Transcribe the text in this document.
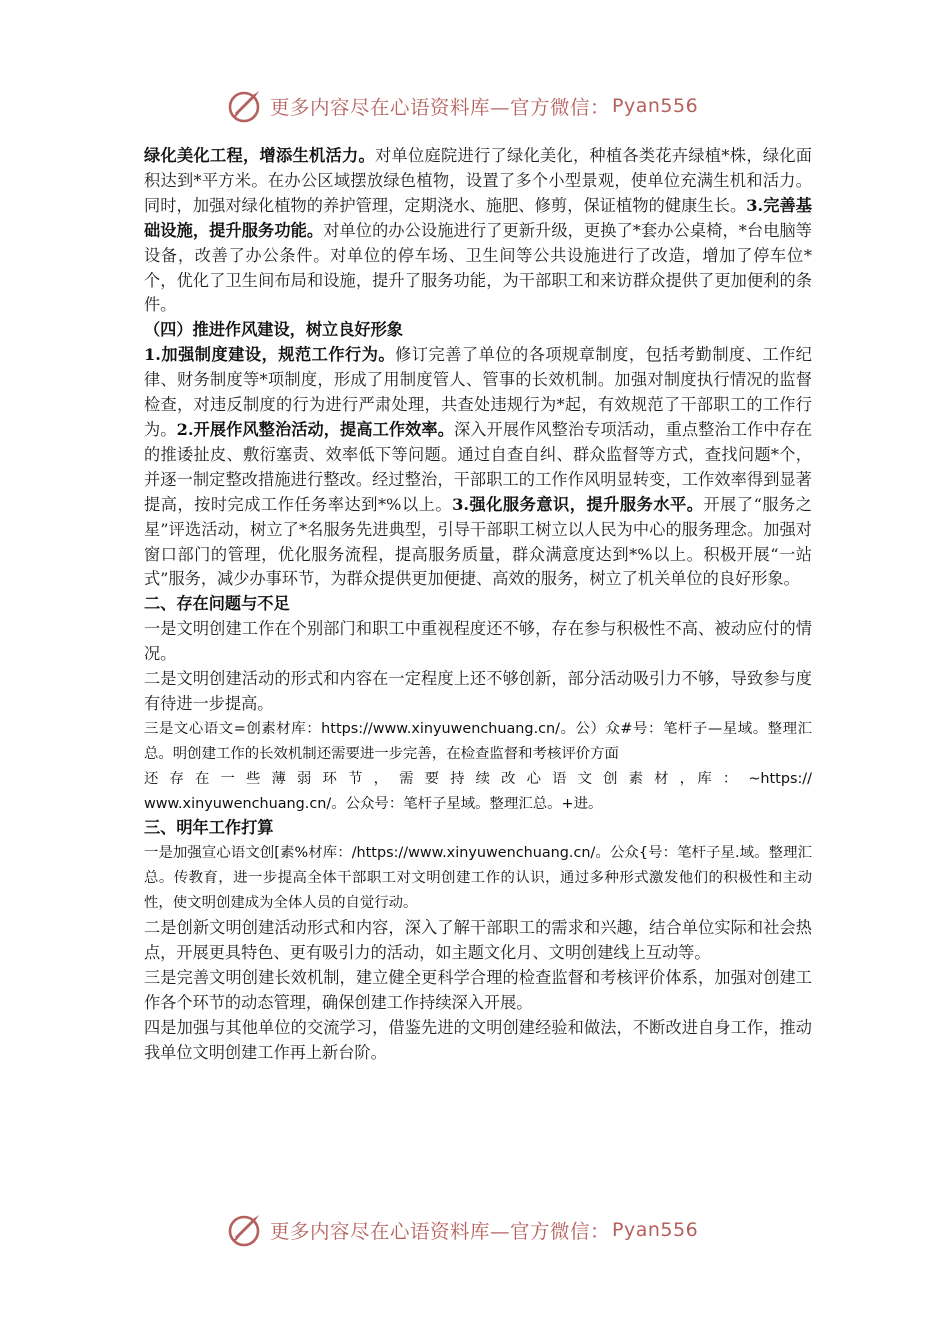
更多内容尽在心语资料库—官方微信： Pyan556

绿化美化工程，增添生机活力。对单位庭院进行了绿化美化，种植各类花卉绿植*株，绿化面积达到*平方米。在办公区域摆放绿色植物，设置了多个小型景观，使单位充满生机和活力。同时，加强对绿化植物的养护管理，定期浇水、施肥、修剪，保证植物的健康生长。3.完善基础设施，提升服务功能。对单位的办公设施进行了更新升级，更换了*套办公桌椅，*台电脑等设备，改善了办公条件。对单位的停车场、卫生间等公共设施进行了改造，增加了停车位*个，优化了卫生间布局和设施，提升了服务功能，为干部职工和来访群众提供了更加便利的条件。

（四）推进作风建设，树立良好形象

1.加强制度建设，规范工作行为。修订完善了单位的各项规章制度，包括考勤制度、工作纪律、财务制度等*项制度，形成了用制度管人、管事的长效机制。加强对制度执行情况的监督检查，对违反制度的行为进行严肃处理，共查处违规行为*起，有效规范了干部职工的工作行为。2.开展作风整治活动，提高工作效率。深入开展作风整治专项活动，重点整治工作中存在的推诿扯皮、敷衍塞责、效率低下等问题。通过自查自纠、群众监督等方式，查找问题*个，并逐一制定整改措施进行整改。经过整治，干部职工的工作作风明显转变，工作效率得到显著提高，按时完成工作任务率达到*%以上。3.强化服务意识，提升服务水平。开展了“服务之星”评选活动，树立了*名服务先进典型，引导干部职工树立以人民为中心的服务理念。加强对窗口部门的管理，优化服务流程，提高服务质量，群众满意度达到*%以上。积极开展“一站式”服务，减少办事环节，为群众提供更加便捷、高效的服务，树立了机关单位的良好形象。

二、存在问题与不足

一是文明创建工作在个别部门和职工中重视程度还不够，存在参与积极性不高、被动应付的情况。

二是文明创建活动的形式和内容在一定程度上还不够创新，部分活动吸引力不够，导致参与度有待进一步提高。

三是文心语文=创素材库：https://www.xinyuwenchuang.cn/。公）众#号：笔杆子—星域。整理汇总。明创建工作的长效机制还需要进一步完善，在检查监督和考核评价方面

还 存 在 一 些 薄 弱 环 节 ， 需 要 持 续 改 心 语 文 创 素 材 ，库 ： ~https://

www.xinyuwenchuang.cn/。公众号：笔杆子星域。整理汇总。+进。

三、明年工作打算

一是加强宣心语文创[素%材库：/https://www.xinyuwenchuang.cn/。公众{号：笔杆子星.域。整理汇总。传教育，进一步提高全体干部职工对文明创建工作的认识，通过多种形式激发他们的积极性和主动性，使文明创建成为全体人员的自觉行动。

二是创新文明创建活动形式和内容，深入了解干部职工的需求和兴趣，结合单位实际和社会热点，开展更具特色、更有吸引力的活动，如主题文化月、文明创建线上互动等。

三是完善文明创建长效机制，建立健全更科学合理的检查监督和考核评价体系，加强对创建工作各个环节的动态管理，确保创建工作持续深入开展。

四是加强与其他单位的交流学习，借鉴先进的文明创建经验和做法，不断改进自身工作，推动我单位文明创建工作再上新台阶。

更多内容尽在心语资料库—官方微信： Pyan556
